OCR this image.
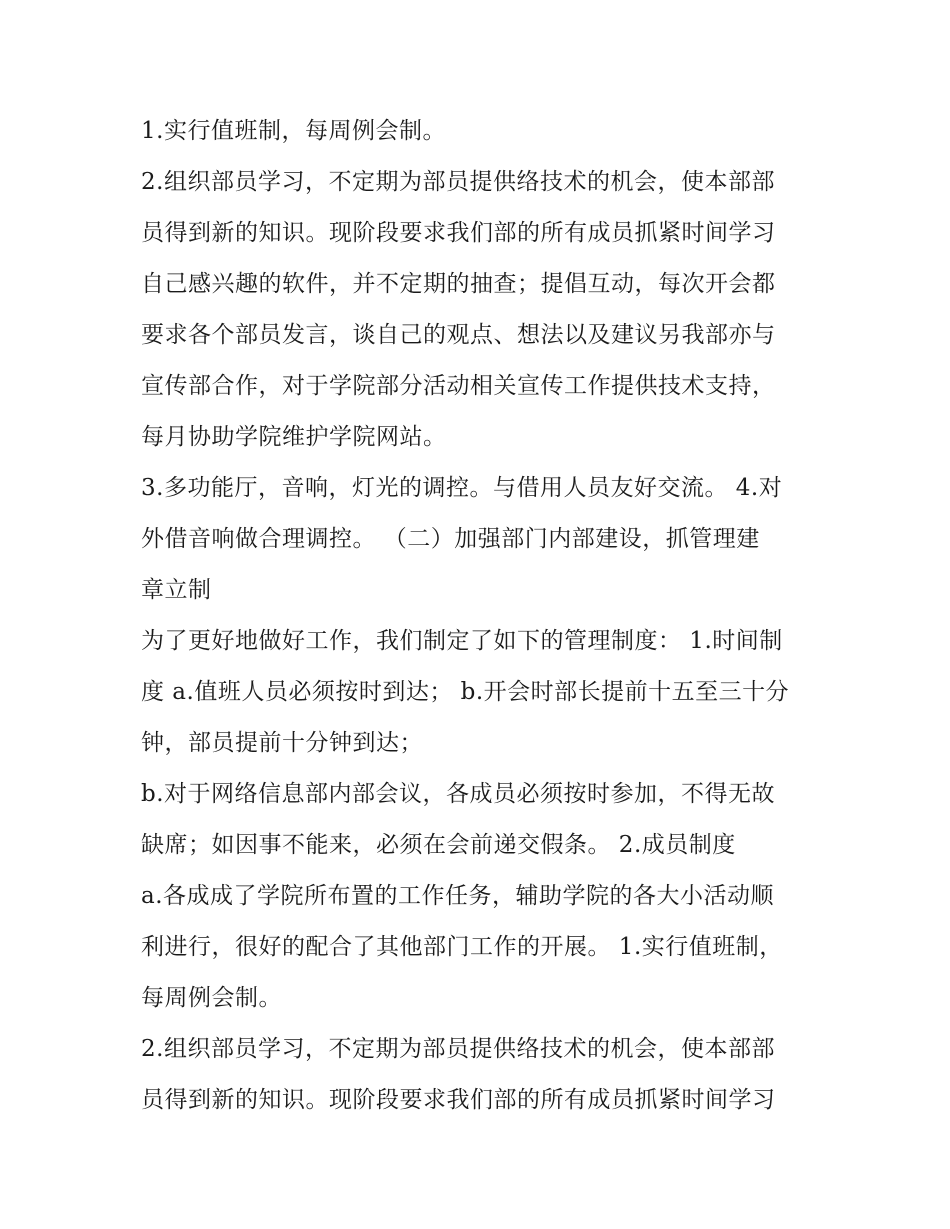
1.实行值班制，每周例会制。
2.组织部员学习，不定期为部员提供络技术的机会，使本部部
员得到新的知识。现阶段要求我们部的所有成员抓紧时间学习
自己感兴趣的软件，并不定期的抽查；提倡互动，每次开会都
要求各个部员发言，谈自己的观点、想法以及建议另我部亦与
宣传部合作，对于学院部分活动相关宣传工作提供技术支持，
每月协助学院维护学院网站。
3.多功能厅，音响，灯光的调控。与借用人员友好交流。 4.对
外借音响做合理调控。 （二）加强部门内部建设，抓管理建
章立制
为了更好地做好工作，我们制定了如下的管理制度： 1.时间制
度 a.值班人员必须按时到达； b.开会时部长提前十五至三十分
钟，部员提前十分钟到达；
b.对于网络信息部内部会议，各成员必须按时参加，不得无故
缺席；如因事不能来，必须在会前递交假条。 2.成员制度
a.各成成了学院所布置的工作任务，辅助学院的各大小活动顺
利进行，很好的配合了其他部门工作的开展。 1.实行值班制，
每周例会制。
2.组织部员学习，不定期为部员提供络技术的机会，使本部部
员得到新的知识。现阶段要求我们部的所有成员抓紧时间学习
